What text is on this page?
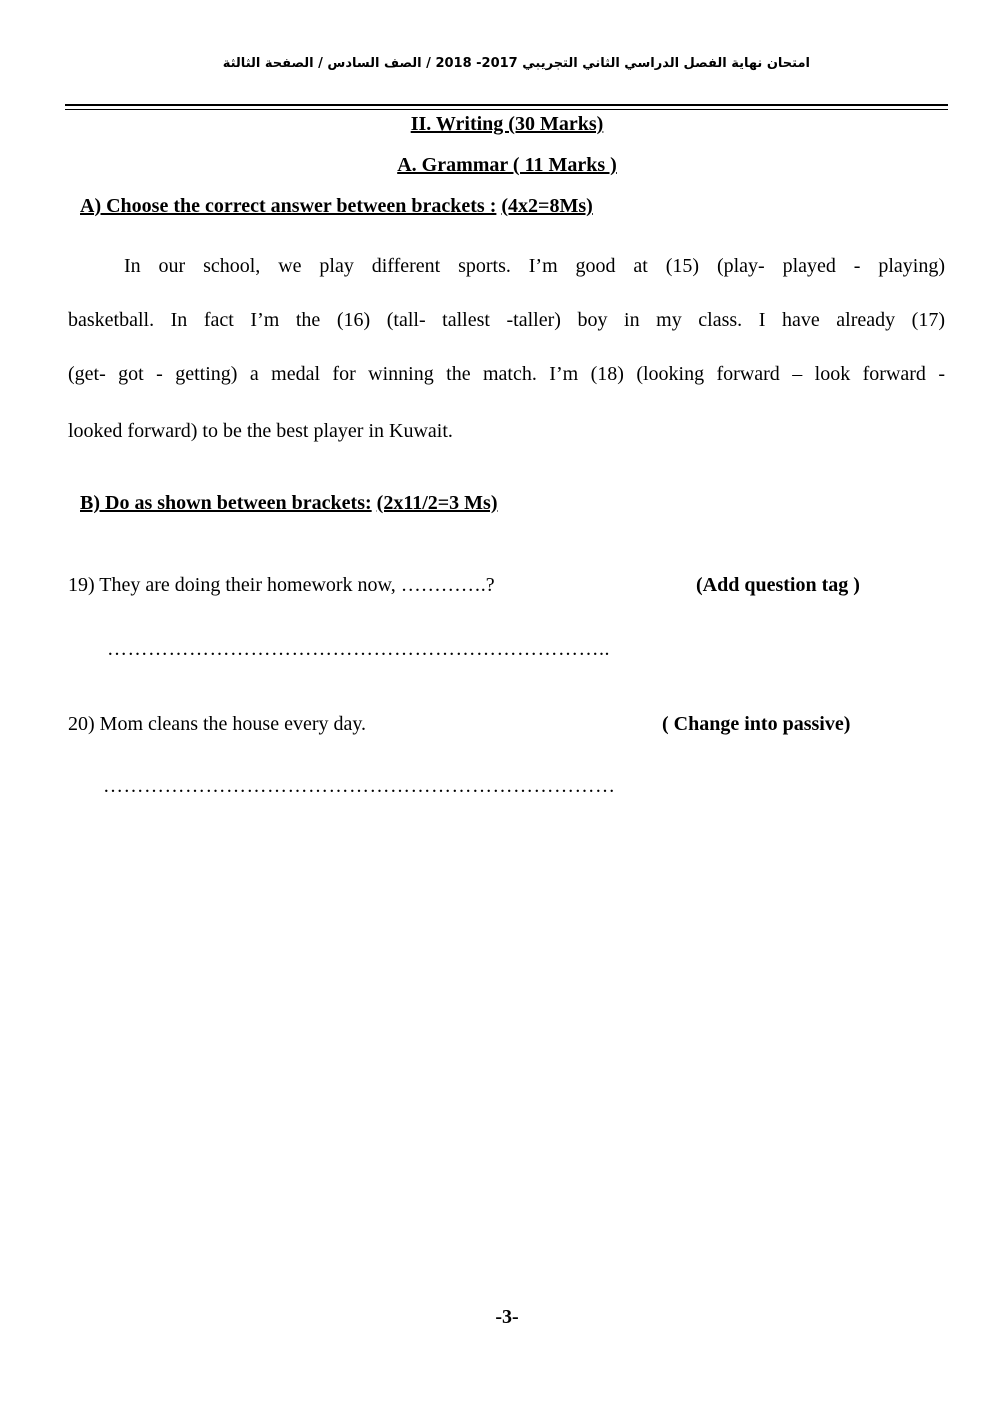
امتحان نهاية الفصل الدراسي الثاني التجريبي 2017- 2018 / الصف السادس / الصفحة الثالثة
II. Writing (30 Marks)
A. Grammar ( 11 Marks )
A) Choose the correct answer between brackets : (4x2=8Ms)
In our school, we play different sports. I’m good at (15) (play- played - playing)
basketball. In fact I’m the (16) (tall- tallest -taller) boy in my class. I have already (17)
(get- got - getting) a medal for winning the match. I’m (18) (looking forward – look forward -
looked forward) to be the best player in Kuwait.
B) Do as shown between brackets: (2x11/2=3 Ms)
19) They are doing their homework now, ………….?	(Add question tag )
………………………………………………………………..
20) Mom cleans the house every day.	( Change into passive)
…………………………………………………………………
-3-
